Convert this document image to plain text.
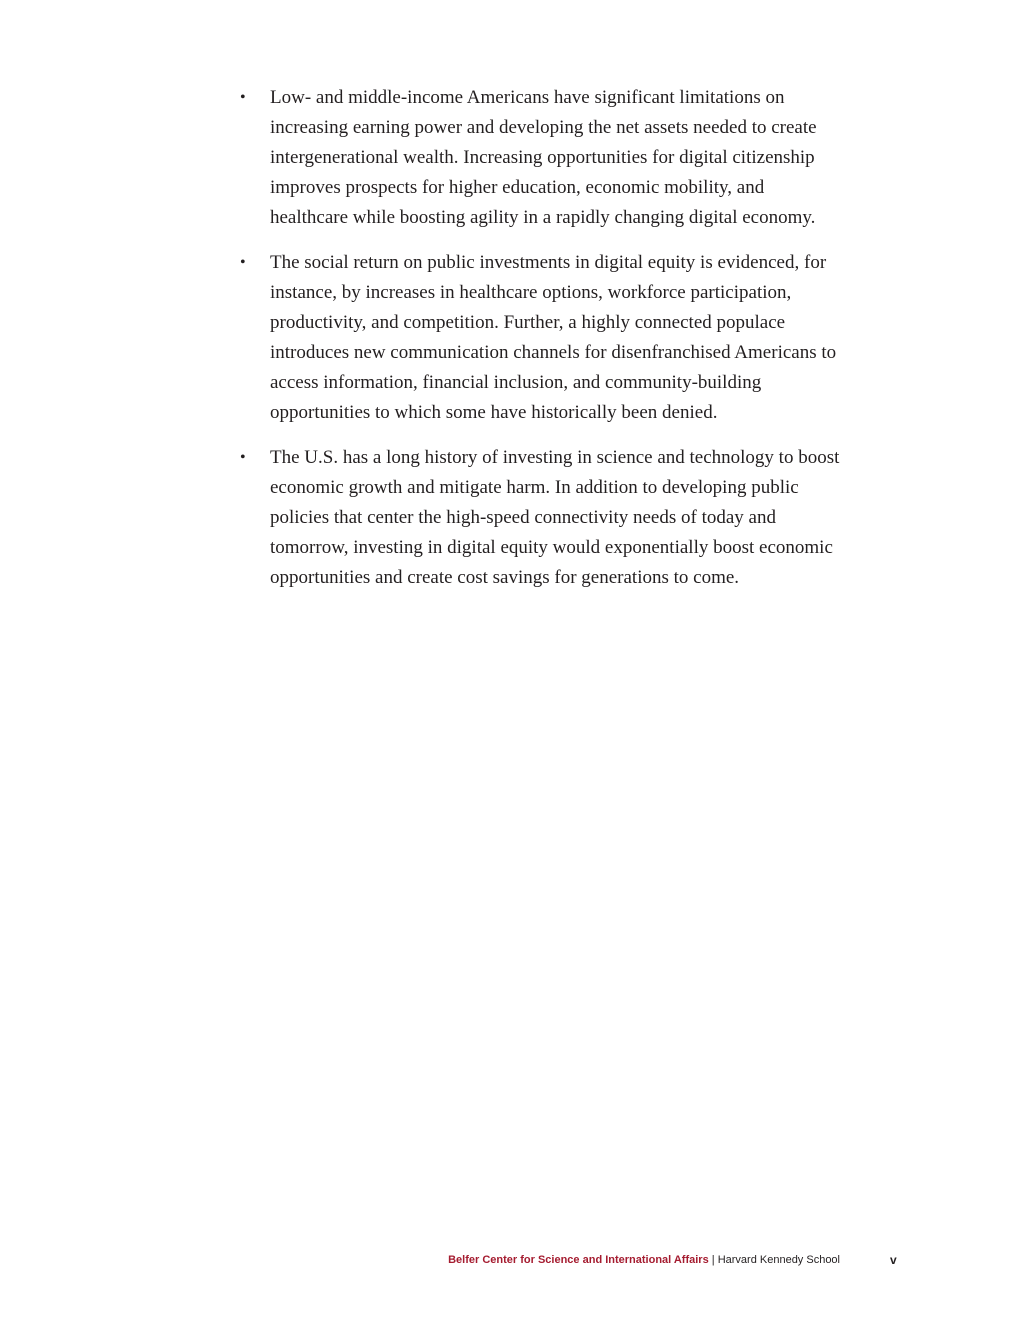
• Low- and middle-income Americans have significant limitations on increasing earning power and developing the net assets needed to create intergenerational wealth. Increasing opportunities for digital citizenship improves prospects for higher education, economic mobility, and healthcare while boosting agility in a rapidly changing digital economy.
• The social return on public investments in digital equity is evidenced, for instance, by increases in healthcare options, workforce participation, productivity, and competition. Further, a highly connected populace introduces new communication channels for disenfranchised Americans to access information, financial inclusion, and community-building opportunities to which some have historically been denied.
• The U.S. has a long history of investing in science and technology to boost economic growth and mitigate harm. In addition to developing public policies that center the high-speed connectivity needs of today and tomorrow, investing in digital equity would exponentially boost economic opportunities and create cost savings for generations to come.
Belfer Center for Science and International Affairs | Harvard Kennedy School	v
